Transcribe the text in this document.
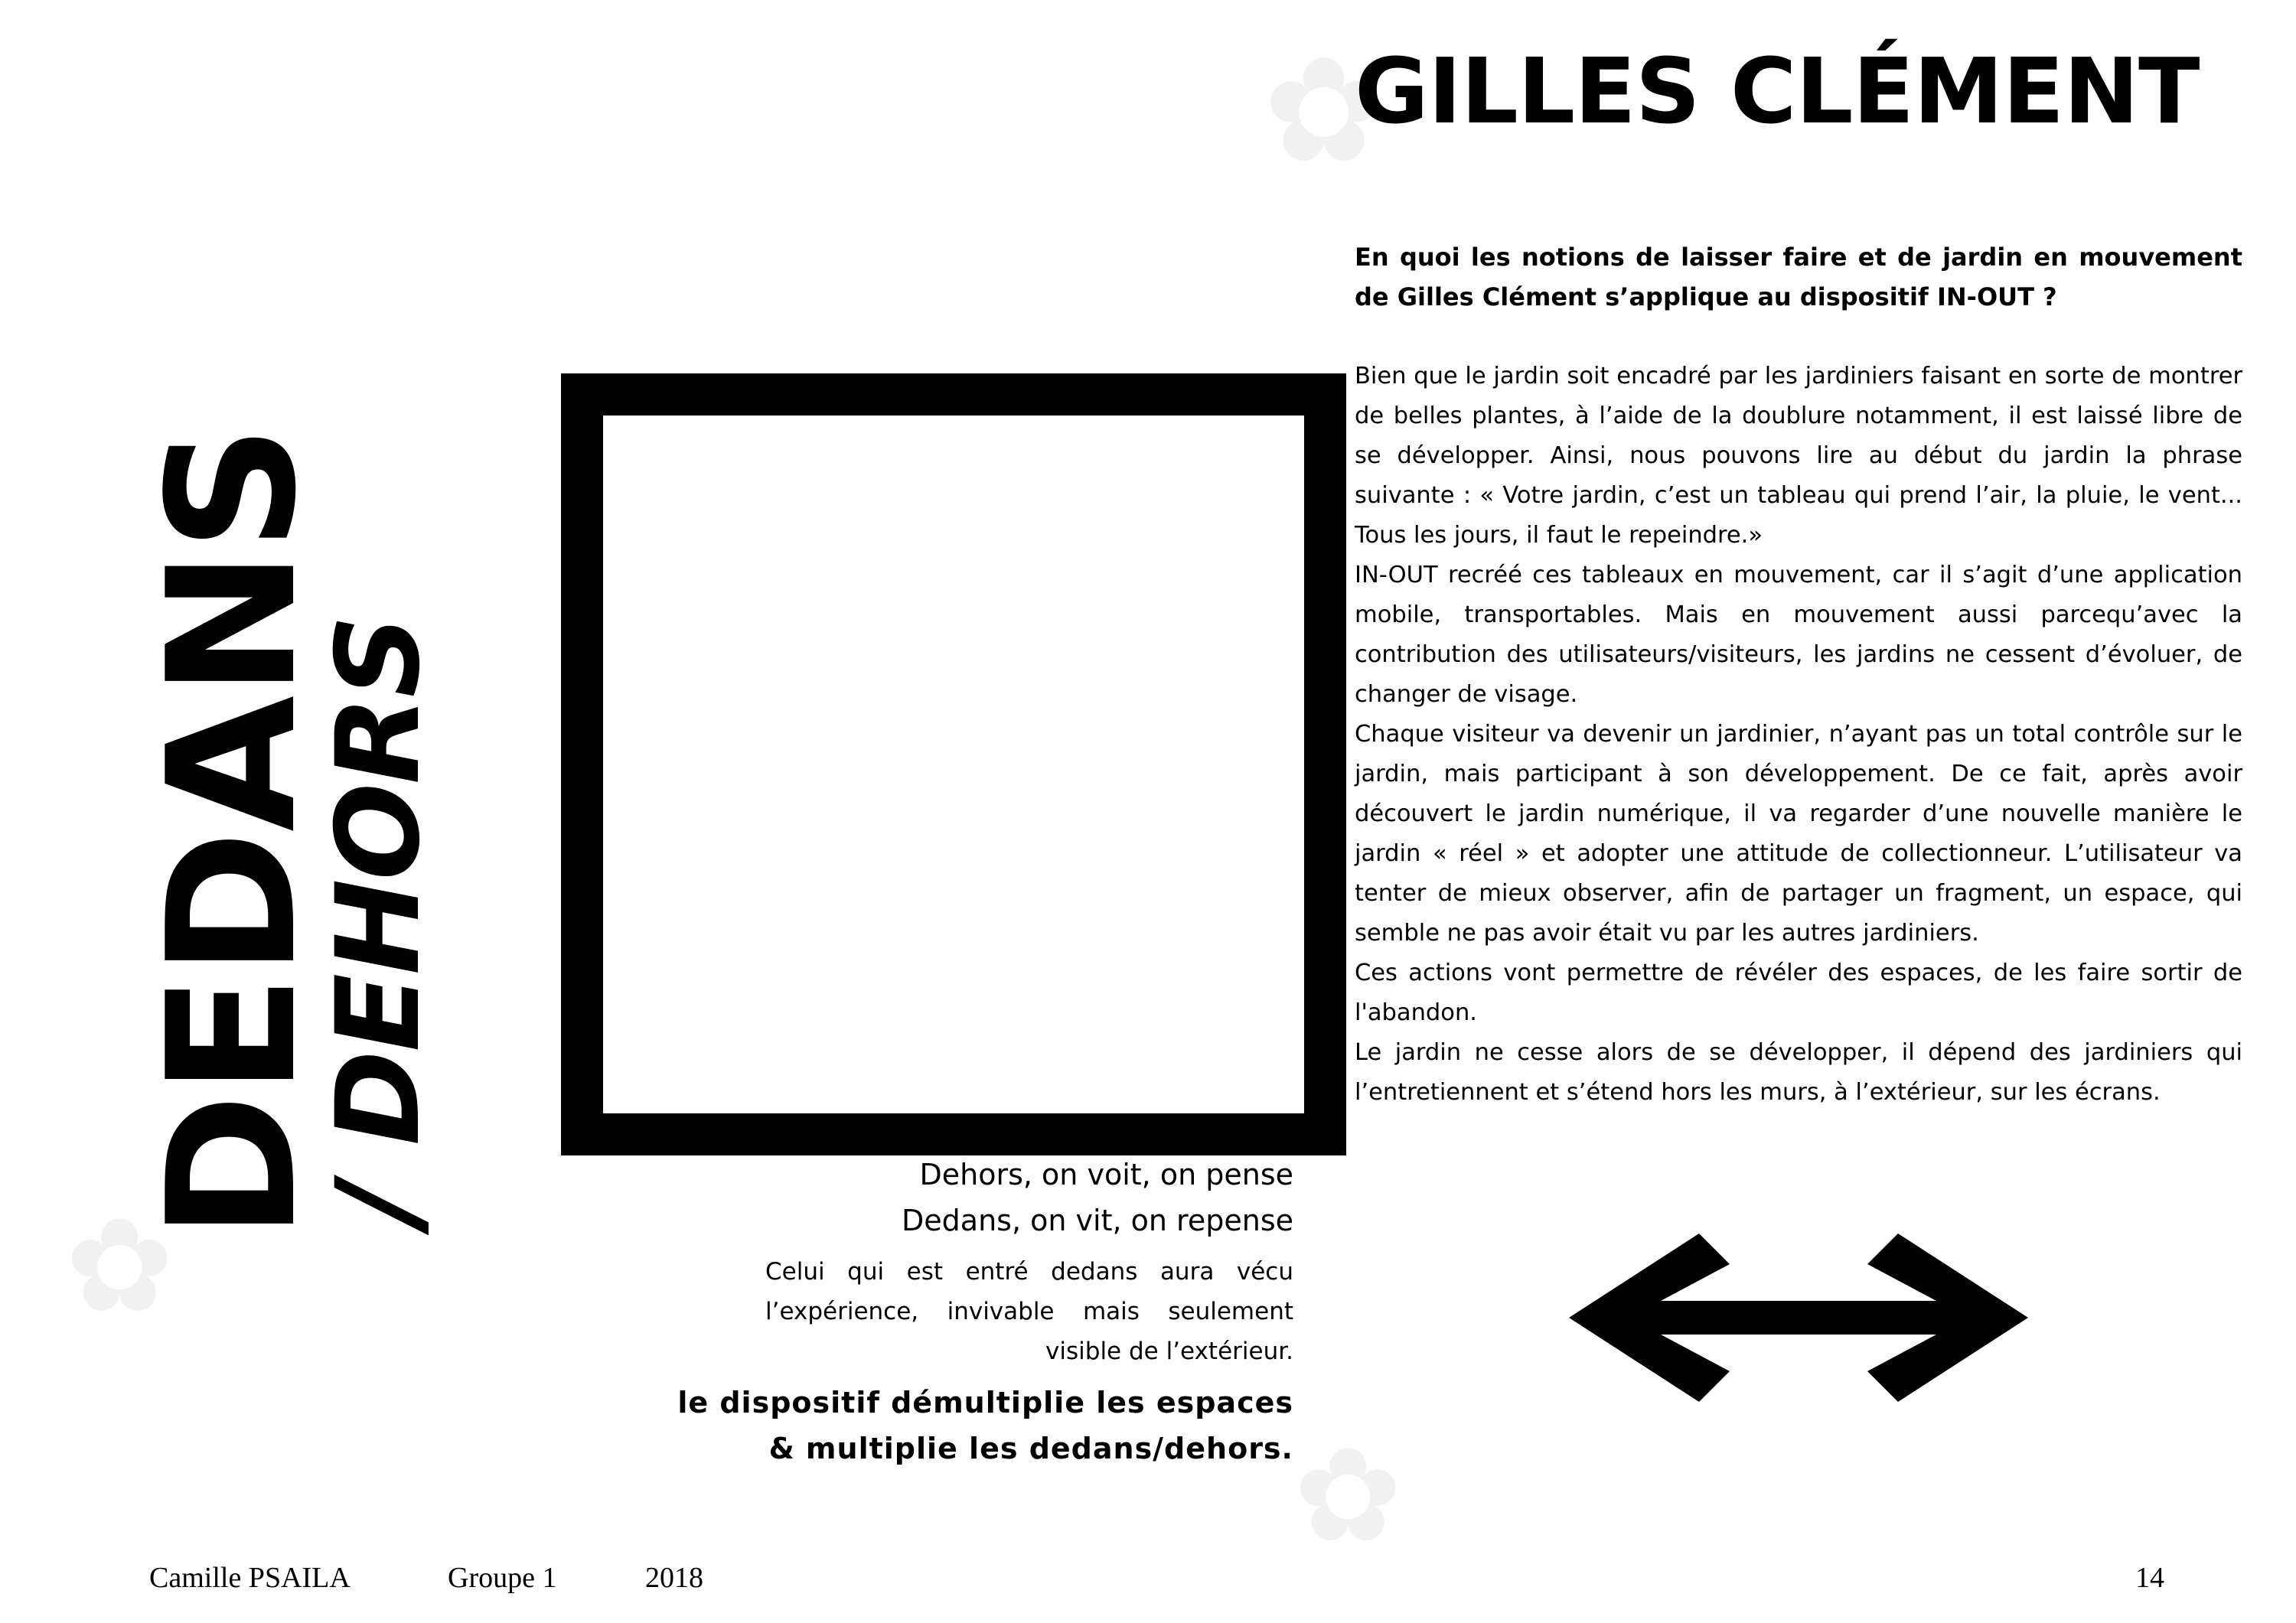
✿
✿
✿
DEDANS
/ DEHORS	Dehors, on voit, on pense
Dedans, on vit, on repense
Celui qui est entré dedans aura vécu l’expérience, invivable mais seulement visible de l’extérieur.
le dispositif démultiplie les espaces
& multiplie les dedans/dehors.
GILLES CLÉMENT
En quoi les notions de laisser faire et de jardin en mouvement de Gilles Clément s’applique au dispositif IN-OUT ?

Bien que le jardin soit encadré par les jardiniers faisant en sorte de montrer de belles plantes, à l’aide de la doublure notamment, il est laissé libre de se développer. Ainsi, nous pouvons lire au début du jardin la phrase suivante : « Votre jardin, c’est un tableau qui prend l’air, la pluie, le vent... Tous les jours, il faut le repeindre.»

IN-OUT recréé ces tableaux en mouvement, car il s’agit d’une application mobile, transportables. Mais en mouvement aussi parcequ’avec la contribution des utilisateurs/visiteurs, les jardins ne cessent d’évoluer, de changer de visage.

Chaque visiteur va devenir un jardinier, n’ayant pas un total contrôle sur le jardin, mais participant à son développement. De ce fait, après avoir découvert le jardin numérique, il va regarder d’une nouvelle manière le jardin « réel » et adopter une attitude de collectionneur. L’utilisateur va tenter de mieux observer, afin de partager un fragment, un espace, qui semble ne pas avoir était vu par les autres jardiniers.

Ces actions vont permettre de révéler des espaces, de les faire sortir de l'abandon.

Le jardin ne cesse alors de se développer, il dépend des jardiniers qui l’entretiennent et s’étend hors les murs, à l’extérieur, sur les écrans.

Camille PSAILA	Groupe 1	2018	14
